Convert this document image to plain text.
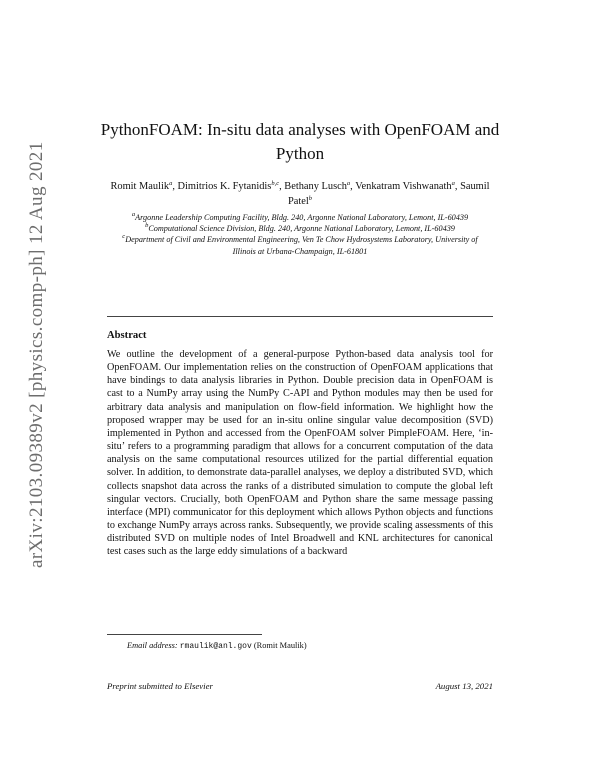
arXiv:2103.09389v2 [physics.comp-ph] 12 Aug 2021
PythonFOAM: In-situ data analyses with OpenFOAM and Python
Romit Maulik$^a$, Dimitrios K. Fytanidis$^{b,c}$, Bethany Lusch$^a$, Venkatram Vishwanath$^a$, Saumil Patel$^b$

$^a$Argonne Leadership Computing Facility, Bldg. 240, Argonne National Laboratory, Lemont, IL-60439

$^b$Computational Science Division, Bldg. 240, Argonne National Laboratory, Lemont, IL-60439

$^c$Department of Civil and Environmental Engineering, Ven Te Chow Hydrosystems Laboratory, University of Illinois at Urbana-Champaign, IL-61801

Abstract
We outline the development of a general-purpose Python-based data analysis tool for OpenFOAM. Our implementation relies on the construction of OpenFOAM applications that have bindings to data analysis libraries in Python. Double precision data in OpenFOAM is cast to a NumPy array using the NumPy C-API and Python modules may then be used for arbitrary data analysis and manipulation on flow-field information. We highlight how the proposed wrapper may be used for an in-situ online singular value decomposition (SVD) implemented in Python and accessed from the OpenFOAM solver PimpleFOAM. Here, ‘in-situ’ refers to a programming paradigm that allows for a concurrent computation of the data analysis on the same computational resources utilized for the partial differential equation solver. In addition, to demonstrate data-parallel analyses, we deploy a distributed SVD, which collects snapshot data across the ranks of a distributed simulation to compute the global left singular vectors. Crucially, both OpenFOAM and Python share the same message passing interface (MPI) communicator for this deployment which allows Python objects and functions to exchange NumPy arrays across ranks. Subsequently, we provide scaling assessments of this distributed SVD on multiple nodes of Intel Broadwell and KNL architectures for canonical test cases such as the large eddy simulations of a backward
Email address: rmaulik@anl.gov (Romit Maulik)
Preprint submitted to Elsevier	August 13, 2021
